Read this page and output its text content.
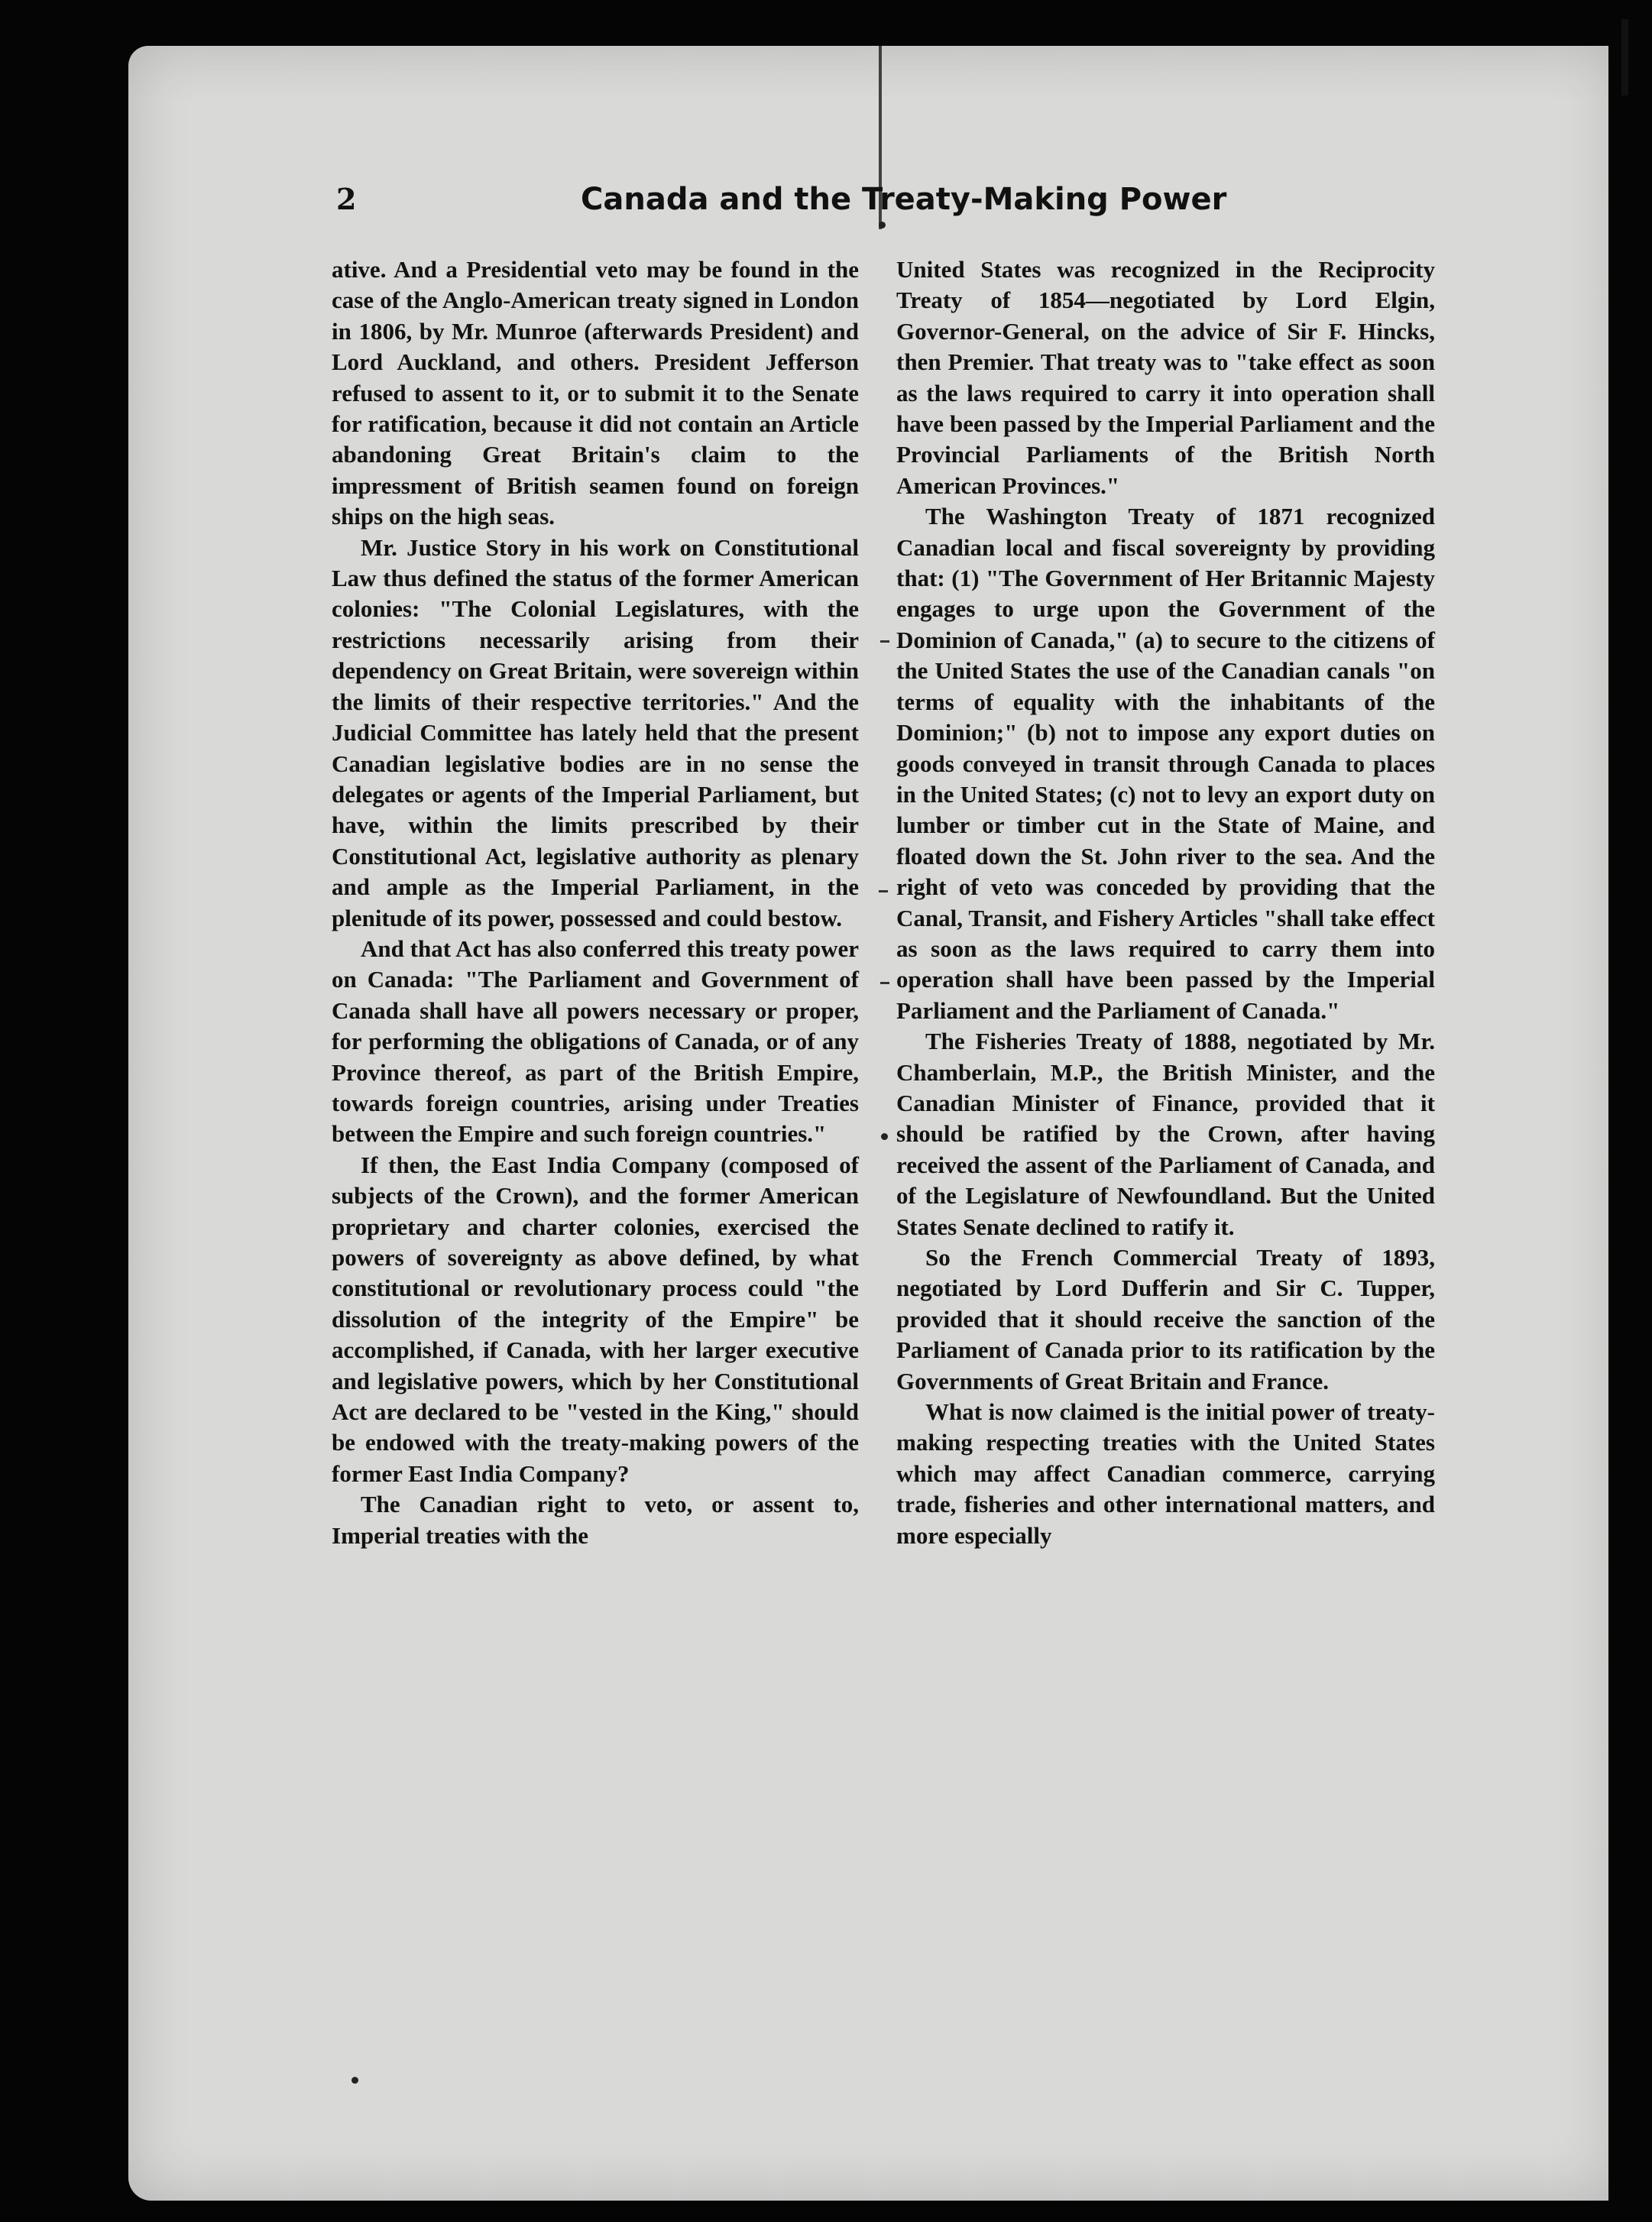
2	Canada and the Treaty-Making Power

ative. And a Presidential veto may be found in the case of the Anglo-American treaty signed in London in 1806, by Mr. Munroe (afterwards President) and Lord Auckland, and others. President Jefferson refused to assent to it, or to submit it to the Senate for ratification, because it did not contain an Article abandoning Great Britain's claim to the impressment of British seamen found on foreign ships on the high seas.

Mr. Justice Story in his work on Constitutional Law thus defined the status of the former American colonies: "The Colonial Legislatures, with the restrictions necessarily arising from their dependency on Great Britain, were sovereign within the limits of their respective territories." And the Judicial Committee has lately held that the present Canadian legislative bodies are in no sense the delegates or agents of the Imperial Parliament, but have, within the limits prescribed by their Constitutional Act, legislative authority as plenary and ample as the Imperial Parliament, in the plenitude of its power, possessed and could bestow.

And that Act has also conferred this treaty power on Canada: "The Parliament and Government of Canada shall have all powers necessary or proper, for performing the obligations of Canada, or of any Province thereof, as part of the British Empire, towards foreign countries, arising under Treaties between the Empire and such foreign countries."

If then, the East India Company (composed of subjects of the Crown), and the former American proprietary and charter colonies, exercised the powers of sovereignty as above defined, by what constitutional or revolutionary process could "the dissolution of the integrity of the Empire" be accomplished, if Canada, with her larger executive and legislative powers, which by her Constitutional Act are declared to be "vested in the King," should be endowed with the treaty-making powers of the former East India Company?

The Canadian right to veto, or assent to, Imperial treaties with the

United States was recognized in the Reciprocity Treaty of 1854—negotiated by Lord Elgin, Governor-General, on the advice of Sir F. Hincks, then Premier. That treaty was to "take effect as soon as the laws required to carry it into operation shall have been passed by the Imperial Parliament and the Provincial Parliaments of the British North American Provinces."

The Washington Treaty of 1871 recognized Canadian local and fiscal sovereignty by providing that: (1) "The Government of Her Britannic Majesty engages to urge upon the Government of the Dominion of Canada," (a) to secure to the citizens of the United States the use of the Canadian canals "on terms of equality with the inhabitants of the Dominion;" (b) not to impose any export duties on goods conveyed in transit through Canada to places in the United States; (c) not to levy an export duty on lumber or timber cut in the State of Maine, and floated down the St. John river to the sea. And the right of veto was conceded by providing that the Canal, Transit, and Fishery Articles "shall take effect as soon as the laws required to carry them into operation shall have been passed by the Imperial Parliament and the Parliament of Canada."

The Fisheries Treaty of 1888, negotiated by Mr. Chamberlain, M.P., the British Minister, and the Canadian Minister of Finance, provided that it should be ratified by the Crown, after having received the assent of the Parliament of Canada, and of the Legislature of Newfoundland. But the United States Senate declined to ratify it.

So the French Commercial Treaty of 1893, negotiated by Lord Dufferin and Sir C. Tupper, provided that it should receive the sanction of the Parliament of Canada prior to its ratification by the Governments of Great Britain and France.

What is now claimed is the initial power of treaty-making respecting treaties with the United States which may affect Canadian commerce, carrying trade, fisheries and other international matters, and more especially
